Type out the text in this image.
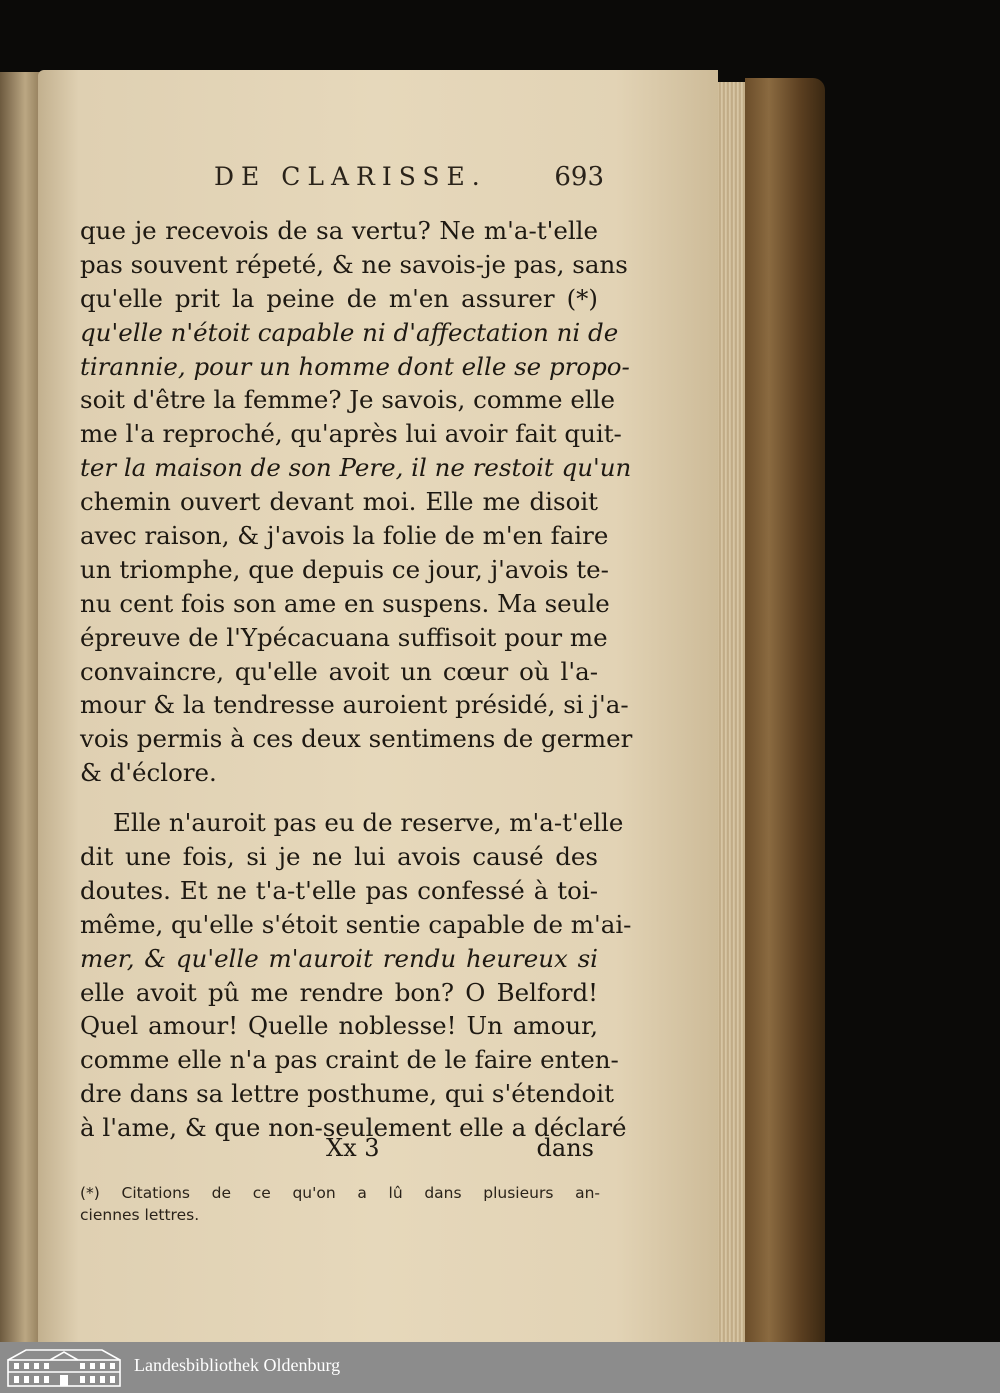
DE CLARISSE.	693
que je recevois de sa vertu? Ne m'a-t'elle
pas souvent répeté, & ne savois-je pas, sans
qu'elle prit la peine de m'en assurer (*)
qu'elle n'étoit capable ni d'affectation ni de
tirannie, pour un homme dont elle se propo-
soit d'être la femme? Je savois, comme elle
me l'a reproché, qu'après lui avoir fait quit-
ter la maison de son Pere, il ne restoit qu'un
chemin ouvert devant moi. Elle me disoit
avec raison, & j'avois la folie de m'en faire
un triomphe, que depuis ce jour, j'avois te-
nu cent fois son ame en suspens. Ma seule
épreuve de l'Ypécacuana suffisoit pour me
convaincre, qu'elle avoit un cœur où l'a-
mour & la tendresse auroient présidé, si j'a-
vois permis à ces deux sentimens de germer
& d'éclore.
Elle n'auroit pas eu de reserve, m'a-t'elle
dit une fois, si je ne lui avois causé des
doutes. Et ne t'a-t'elle pas confessé à toi-
même, qu'elle s'étoit sentie capable de m'ai-
mer, & qu'elle m'auroit rendu heureux si
elle avoit pû me rendre bon? O Belford!
Quel amour! Quelle noblesse! Un amour,
comme elle n'a pas craint de le faire enten-
dre dans sa lettre posthume, qui s'étendoit
à l'ame, & que non-seulement elle a déclaré
Xx 3	dans
(*) Citations de ce qu'on a lû dans plusieurs an-
ciennes lettres.
Landesbibliothek Oldenburg
